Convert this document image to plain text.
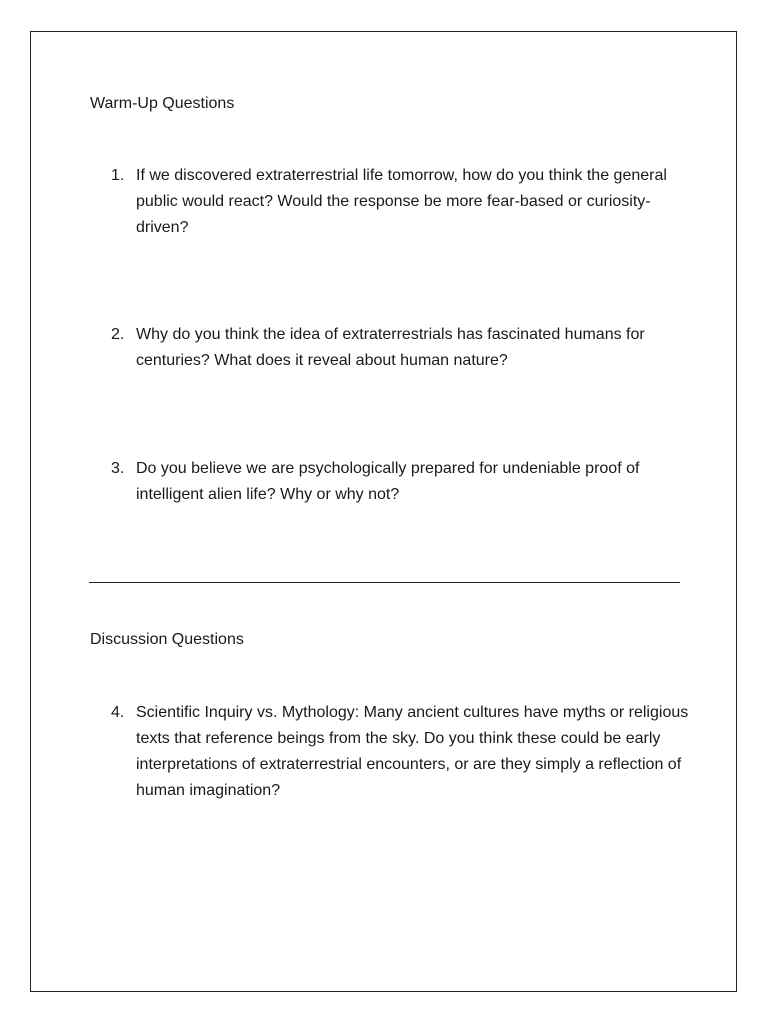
Warm-Up Questions
1. If we discovered extraterrestrial life tomorrow, how do you think the general public would react? Would the response be more fear-based or curiosity-driven?
2. Why do you think the idea of extraterrestrials has fascinated humans for centuries? What does it reveal about human nature?
3. Do you believe we are psychologically prepared for undeniable proof of intelligent alien life? Why or why not?
Discussion Questions
4. Scientific Inquiry vs. Mythology: Many ancient cultures have myths or religious texts that reference beings from the sky. Do you think these could be early interpretations of extraterrestrial encounters, or are they simply a reflection of human imagination?
